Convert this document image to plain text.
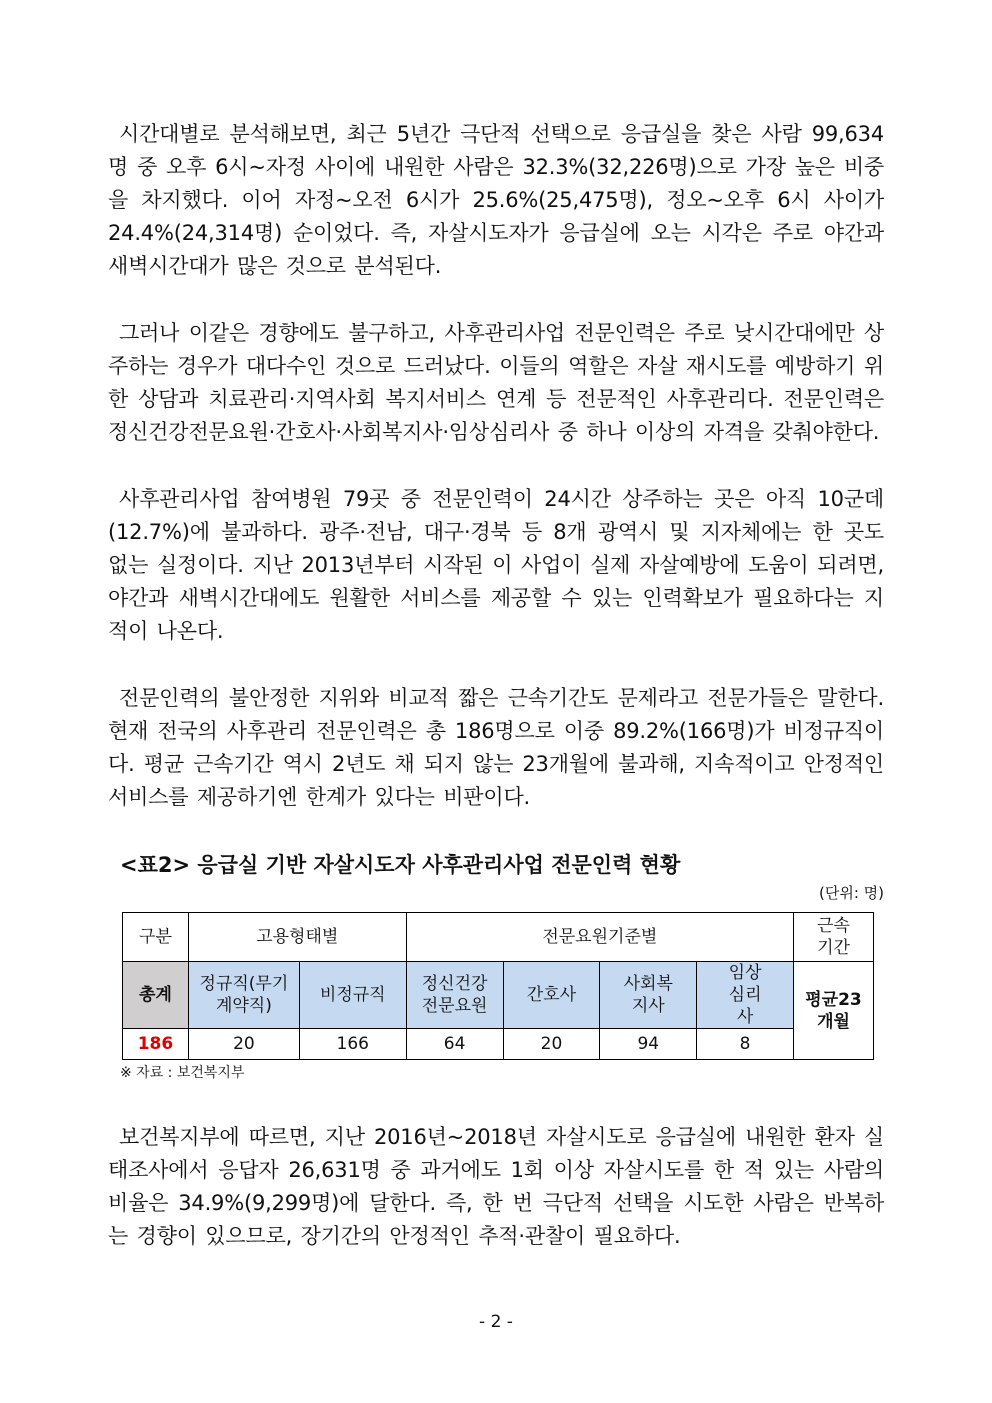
시간대별로 분석해보면, 최근 5년간 극단적 선택으로 응급실을 찾은 사람 99,634명 중 오후 6시~자정 사이에 내원한 사람은 32.3%(32,226명)으로 가장 높은 비중을 차지했다. 이어 자정~오전 6시가 25.6%(25,475명), 정오~오후 6시 사이가 24.4%(24,314명) 순이었다. 즉, 자살시도자가 응급실에 오는 시각은 주로 야간과 새벽시간대가 많은 것으로 분석된다.

그러나 이같은 경향에도 불구하고, 사후관리사업 전문인력은 주로 낮시간대에만 상주하는 경우가 대다수인 것으로 드러났다. 이들의 역할은 자살 재시도를 예방하기 위한 상담과 치료관리·지역사회 복지서비스 연계 등 전문적인 사후관리다. 전문인력은 정신건강전문요원·간호사·사회복지사·임상심리사 중 하나 이상의 자격을 갖춰야한다.

사후관리사업 참여병원 79곳 중 전문인력이 24시간 상주하는 곳은 아직 10군데(12.7%)에 불과하다. 광주·전남, 대구·경북 등 8개 광역시 및 지자체에는 한 곳도 없는 실정이다. 지난 2013년부터 시작된 이 사업이 실제 자살예방에 도움이 되려면, 야간과 새벽시간대에도 원활한 서비스를 제공할 수 있는 인력확보가 필요하다는 지적이 나온다.

전문인력의 불안정한 지위와 비교적 짧은 근속기간도 문제라고 전문가들은 말한다. 현재 전국의 사후관리 전문인력은 총 186명으로 이중 89.2%(166명)가 비정규직이다. 평균 근속기간 역시 2년도 채 되지 않는 23개월에 불과해, 지속적이고 안정적인 서비스를 제공하기엔 한계가 있다는 비판이다.

<표2> 응급실 기반 자살시도자 사후관리사업 전문인력 현황
(단위: 명)
구분	고용형태별		전문요원기준별				근속기간
총계	정규직(무기계약직)	비정규직	정신건강전문요원	간호사	사회복지사	임상심리사	평균23개월
186	20	166	64	20	94	8	
※ 자료 : 보건복지부

보건복지부에 따르면, 지난 2016년~2018년 자살시도로 응급실에 내원한 환자 실태조사에서 응답자 26,631명 중 과거에도 1회 이상 자살시도를 한 적 있는 사람의 비율은 34.9%(9,299명)에 달한다. 즉, 한 번 극단적 선택을 시도한 사람은 반복하는 경향이 있으므로, 장기간의 안정적인 추적·관찰이 필요하다.

- 2 -
